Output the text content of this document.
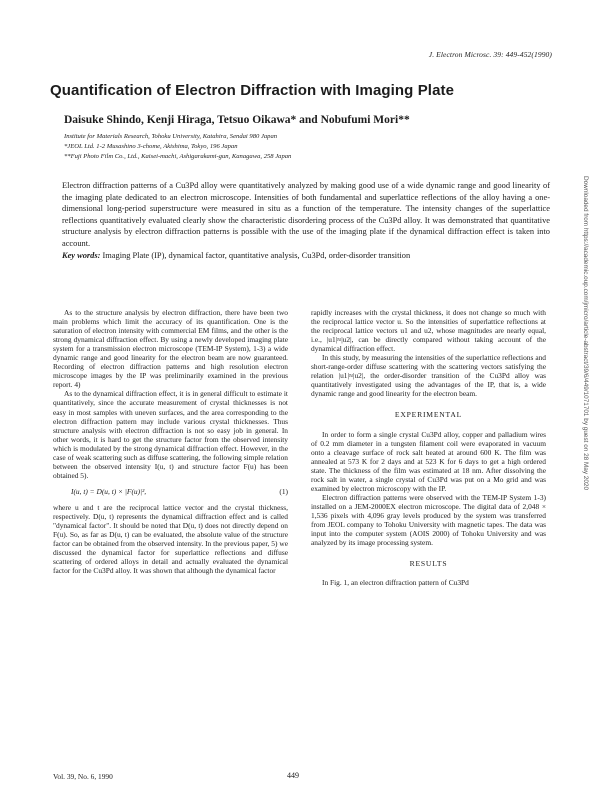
J. Electron Microsc. 39: 449-452(1990)
Quantification of Electron Diffraction with Imaging Plate
Daisuke Shindo, Kenji Hiraga, Tetsuo Oikawa* and Nobufumi Mori**
Institute for Materials Research, Tohoku University, Katahira, Sendai 980 Japan
*JEOL Ltd. 1-2 Musashino 3-chome, Akishima, Tokyo, 196 Japan
**Fuji Photo Film Co., Ltd., Kaisei-machi, Ashigarakami-gun, Kanagawa, 258 Japan
Electron diffraction patterns of a Cu3Pd alloy were quantitatively analyzed by making good use of a wide dynamic range and good linearity of the imaging plate dedicated to an electron microscope. Intensities of both fundamental and superlattice reflections of the alloy having a one-dimensional long-period superstructure were measured in situ as a function of the temperature. The intensity changes of the superlattice reflections quantitatively evaluated clearly show the characteristic disordering process of the Cu3Pd alloy. It was demonstrated that quantitative structure analysis by electron diffraction patterns is possible with the use of the imaging plate if the dynamical diffraction effect is taken into account.
Key words: Imaging Plate (IP), dynamical factor, quantitative analysis, Cu3Pd, order-disorder transition

As to the structure analysis by electron diffraction, there have been two main problems which limit the accuracy of its quantification. One is the saturation of electron intensity with commercial EM films, and the other is the strong dynamical diffraction effect. By using a newly developed imaging plate system for a transmission electron microscope (TEM-IP System), 1-3) a wide dynamic range and good linearity for the electron beam are now guaranteed. Recording of electron diffraction patterns and high resolution electron microscope images by the IP was preliminarily examined in the previous report. 4)

As to the dynamical diffraction effect, it is in general difficult to estimate it quantitatively, since the accurate measurement of crystal thicknesses is not easy in most samples with uneven surfaces, and the area corresponding to the electron diffraction pattern may include various crystal thicknesses. Thus structure analysis with electron diffraction is not so easy job in general. In other words, it is hard to get the structure factor from the observed intensity which is modulated by the strong dynamical diffraction effect. However, in the case of weak scattering such as diffuse scattering, the following simple relation between the observed intensity I(u, t) and structure factor F(u) has been obtained 5).

I(u, t) = D(u, t) × |F(u)|²,	(1)

where u and t are the reciprocal lattice vector and the crystal thickness, respectively. D(u, t) represents the dynamical diffraction effect and is called "dynamical factor". It should be noted that D(u, t) does not directly depend on F(u). So, as far as D(u, t) can be evaluated, the absolute value of the structure factor can be obtained from the observed intensity. In the previous paper, 5) we discussed the dynamical factor for superlattice reflections and diffuse scattering of ordered alloys in detail and actually evaluated the dynamical factor for the Cu3Pd alloy. It was shown that although the dynamical factor

rapidly increases with the crystal thickness, it does not change so much with the reciprocal lattice vector u. So the intensities of superlattice reflections at the reciprocal lattice vectors u1 and u2, whose magnitudes are nearly equal, i.e., |u1|≈|u2|, can be directly compared without taking account of the dynamical diffraction effect.

In this study, by measuring the intensities of the superlattice reflections and short-range-order diffuse scattering with the scattering vectors satisfying the relation |u1|≈|u2|, the order-disorder transition of the Cu3Pd alloy was quantitatively investigated using the advantages of the IP, that is, a wide dynamic range and good linearity for the electron beam.

EXPERIMENTAL

In order to form a single crystal Cu3Pd alloy, copper and palladium wires of 0.2 mm diameter in a tungsten filament coil were evaporated in vacuum onto a cleavage surface of rock salt heated at around 600 K. The film was annealed at 573 K for 2 days and at 523 K for 6 days to get a high ordered state. The thickness of the film was estimated at 18 nm. After dissolving the rock salt in water, a single crystal of Cu3Pd was put on a Mo grid and was examined by electron microscopy with the IP.

Electron diffraction patterns were observed with the TEM-IP System 1-3) installed on a JEM-2000EX electron microscope. The digital data of 2,048 × 1,536 pixels with 4,096 gray levels produced by the system was transferred from JEOL company to Tohoku University with magnetic tapes. The data was input into the computer system (AOIS 2000) of Tohoku University and was analyzed by its image processing system.

RESULTS

In Fig. 1, an electron diffraction pattern of Cu3Pd

Vol. 39, No. 6, 1990	449
Downloaded from https://academic.oup.com/jmicro/article-abstract/39/6/449/1071701 by guest on 28 May 2020
